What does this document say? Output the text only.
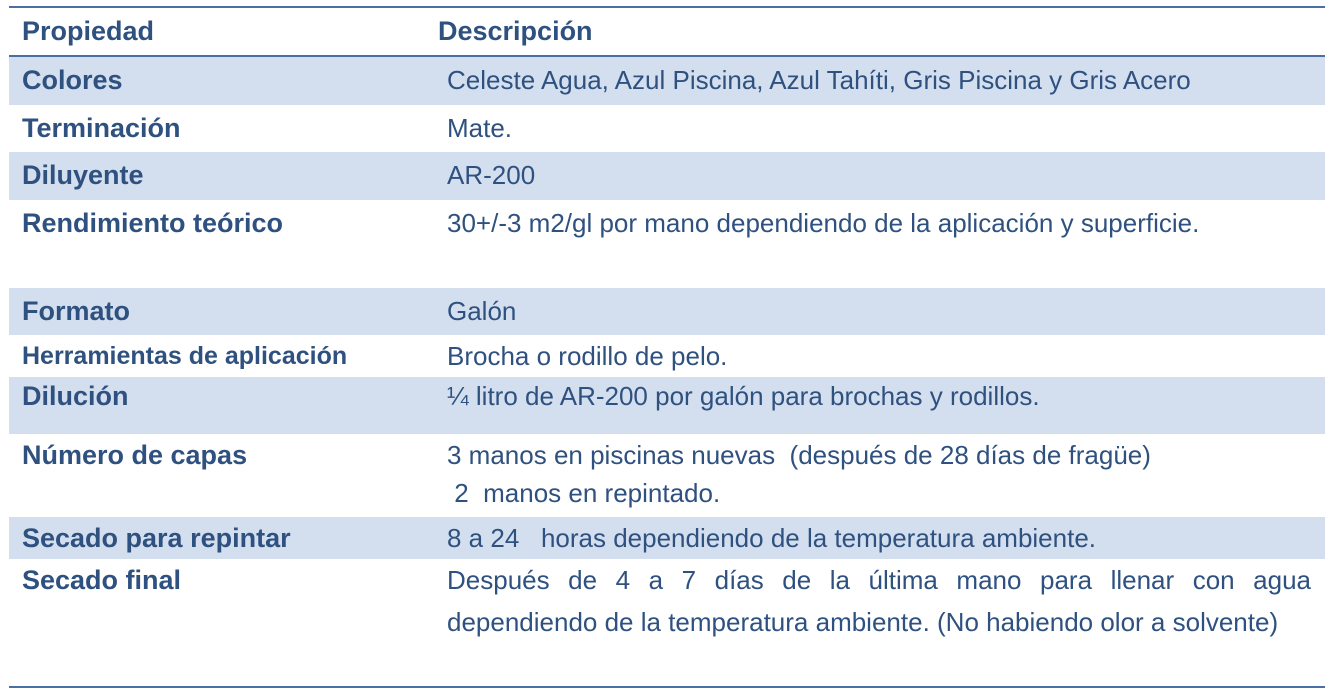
Propiedad	Descripción
Colores	Celeste Agua, Azul Piscina, Azul Tahíti, Gris Piscina y Gris Acero
Terminación	Mate.
Diluyente	AR-200
Rendimiento teórico	30+/-3 m2/gl por mano dependiendo de la aplicación y superficie.
Formato	Galón
Herramientas de aplicación	Brocha o rodillo de pelo.
Dilución	¼ litro de AR-200 por galón para brochas y rodillos.
Número de capas	3 manos en piscinas nuevas  (después de 28 días de fragüe)
2  manos en repintado.
Secado para repintar	8 a 24   horas dependiendo de la temperatura ambiente.
Secado final	Después de 4 a 7 días de la última mano para llenar con agua dependiendo de la temperatura ambiente. (No habiendo olor a solvente)
